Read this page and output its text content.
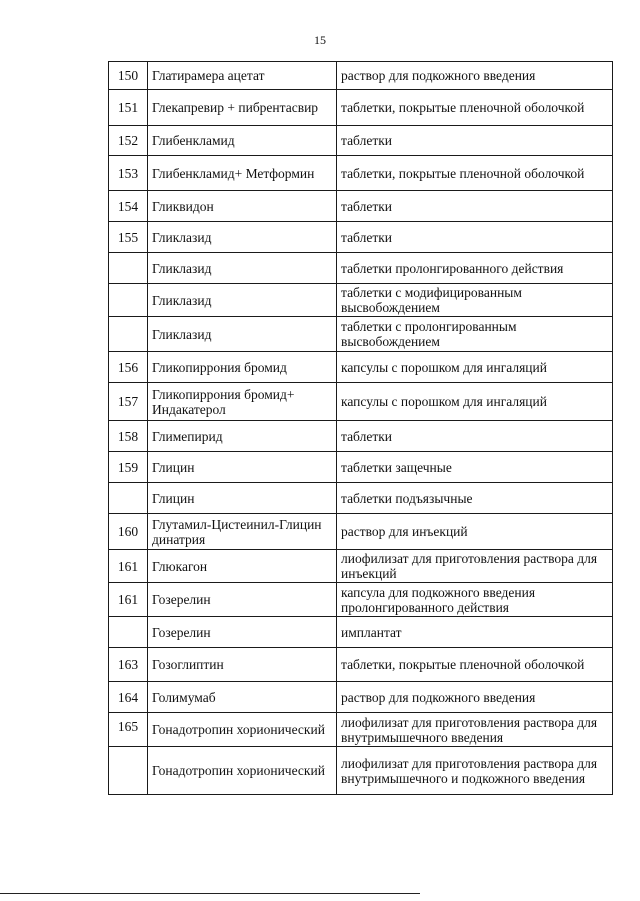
15
150	Глатирамера ацетат	раствор для подкожного введения
151	Глекапревир + пибрентасвир	таблетки, покрытые пленочной оболочкой
152	Глибенкламид	таблетки
153	Глибенкламид+ Метформин	таблетки, покрытые пленочной оболочкой
154	Гликвидон	таблетки
155	Гликлазид	таблетки
	Гликлазид	таблетки пролонгированного действия
	Гликлазид	таблетки с модифицированным высвобождением
	Гликлазид	таблетки с пролонгированным высвобождением
156	Гликопиррония бромид	капсулы с порошком для ингаляций
157	Гликопиррония бромид+ Индакатерол	капсулы с порошком для ингаляций
158	Глимепирид	таблетки
159	Глицин	таблетки защечные
	Глицин	таблетки подъязычные
160	Глутамил-Цистеинил-Глицин динатрия	раствор для инъекций
161	Глюкагон	лиофилизат для приготовления раствора для инъекций
161	Гозерелин	капсула для подкожного введения пролонгированного действия
	Гозерелин	имплантат
163	Гозоглиптин	таблетки, покрытые пленочной оболочкой
164	Голимумаб	раствор для подкожного введения
165	Гонадотропин хорионический	лиофилизат для приготовления раствора для внутримышечного введения
	Гонадотропин хорионический	лиофилизат для приготовления раствора для внутримышечного и подкожного введения
